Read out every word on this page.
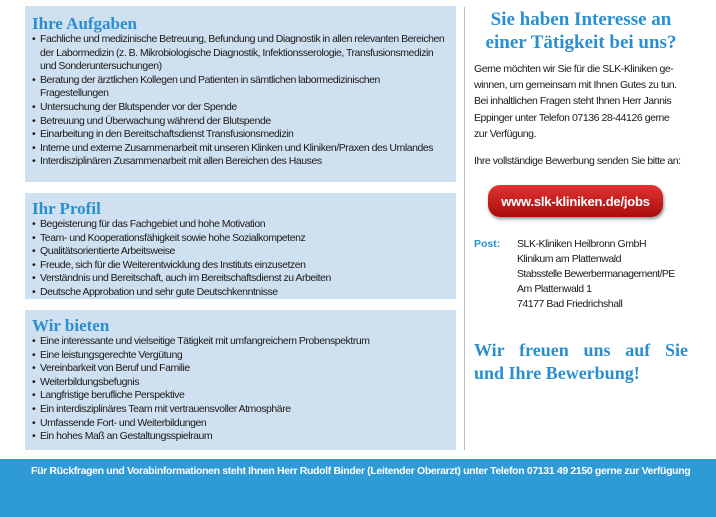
Ihre Aufgaben
• Fachliche und medizinische Betreuung, Befundung und Diagnostik in allen relevanten Bereichen der Labormedizin (z. B. Mikrobiologische Diagnostik, Infektionsserologie, Transfusionsmedizin und Sonderuntersuchungen)
• Beratung der ärztlichen Kollegen und Patienten in sämtlichen labormedizinischen Fragestellungen
• Untersuchung der Blutspender vor der Spende
• Betreuung und Überwachung während der Blutspende
• Einarbeitung in den Bereitschaftsdienst Transfusionsmedizin
• Interne und externe Zusammenarbeit mit unseren Klinken und Kliniken/Praxen des Umlandes
• Interdisziplinären Zusammenarbeit mit allen Bereichen des Hauses
Ihr Profil
• Begeisterung für das Fachgebiet und hohe Motivation
• Team- und Kooperationsfähigkeit sowie hohe Sozialkompetenz
• Qualitätsorientierte Arbeitsweise
• Freude, sich für die Weiterentwicklung des Instituts einzusetzen
• Verständnis und Bereitschaft, auch im Bereitschaftsdienst zu Arbeiten
• Deutsche Approbation und sehr gute Deutschkenntnisse
Wir bieten
• Eine interessante und vielseitige Tätigkeit mit umfangreichem Probenspektrum
• Eine leistungsgerechte Vergütung
• Vereinbarkeit von Beruf und Familie
• Weiterbildungsbefugnis
• Langfristige berufliche Perspektive
• Ein interdisziplinäres Team mit vertrauensvoller Atmosphäre
• Umfassende Fort- und Weiterbildungen
• Ein hohes Maß an Gestaltungsspielraum
Sie haben Interesse an
einer Tätigkeit bei uns?
Gerne möchten wir Sie für die SLK-Kliniken ge-
winnen, um gemeinsam mit Ihnen Gutes zu tun.
Bei inhaltlichen Fragen steht Ihnen Herr Jannis
Eppinger unter Telefon 07136 28-44126 gerne
zur Verfügung.
Ihre vollständige Bewerbung senden Sie bitte an:
www.slk-kliniken.de/jobs
Post: SLK-Kliniken Heilbronn GmbH
Klinikum am Plattenwald
Stabsstelle Bewerbermanagement/PE
Am Plattenwald 1
74177 Bad Friedrichshall
Wir freuen uns auf Sie
und Ihre Bewerbung!
Für Rückfragen und Vorabinformationen steht Ihnen Herr Rudolf Binder (Leitender Oberarzt) unter Telefon 07131 49 2150 gerne zur Verfügung
